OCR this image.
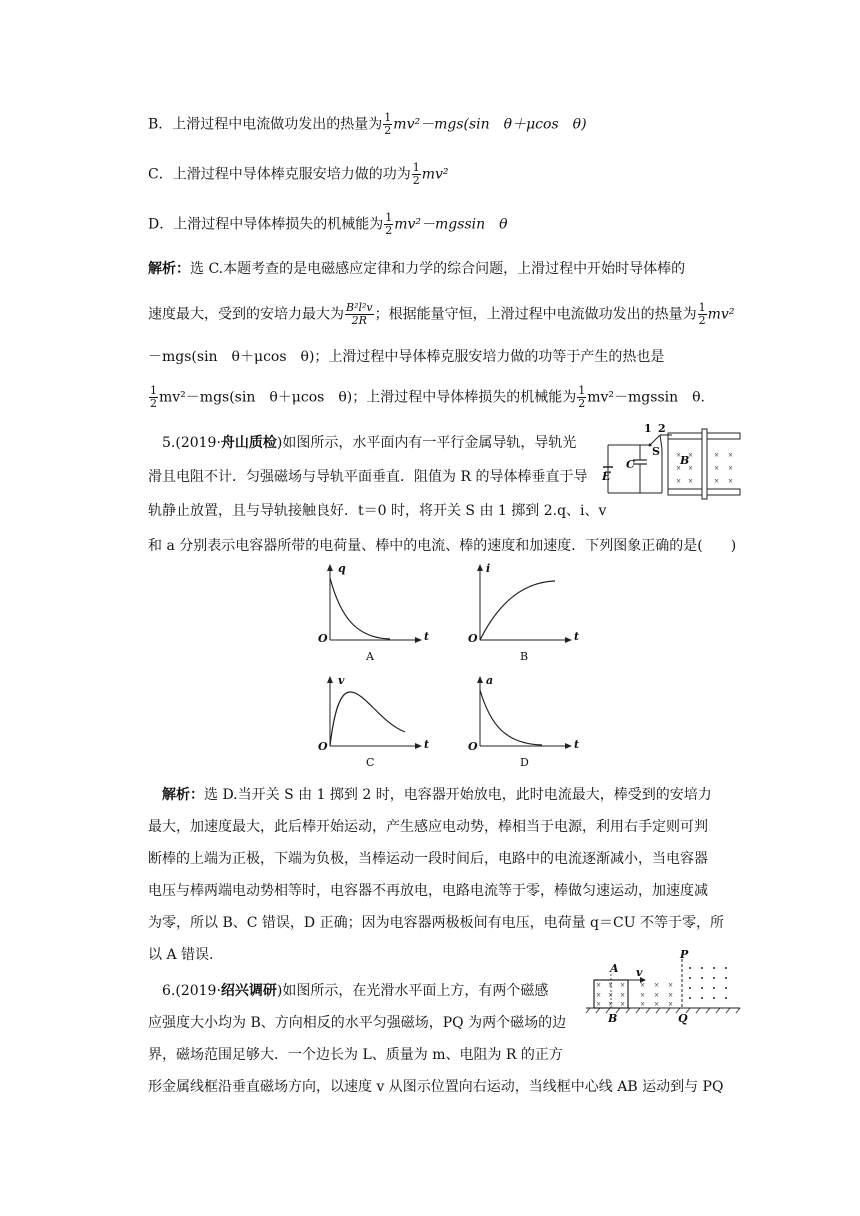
B．上滑过程中电流做功发出的热量为 $\frac{1}{2} mv^2-mgs(\sin$　θ＋μcos　θ)
C．上滑过程中导体棒克服安培力做的功为 $\frac{1}{2} mv^2$
D．上滑过程中导体棒损失的机械能为 $\frac{1}{2} mv^2-mgssin$　θ
解析：选 C.本题考查的是电磁感应定律和力学的综合问题，上滑过程中开始时导体棒的
速度最大，受到的安培力最大为 $\frac{\text{B²l²v}}{2R}$ ；根据能量守恒，上滑过程中电流做功发出的热量为 $\frac{1}{2} mv^2$
－mgs(sin　θ＋μcos　θ)；上滑过程中导体棒克服安培力做的功等于产生的热也是
$\frac{1}{2} mv^2-mgs(\sin$　θ＋μcos　θ)；上滑过程中导体棒损失的机械能为 $\frac{1}{2} mv^2-mgssin$　θ.
5.(2019·舟山质检)如图所示，水平面内有一平行金属导轨，导轨光
滑且电阻不计．匀强磁场与导轨平面垂直．阻值为 R 的导体棒垂直于导
轨静止放置，且与导轨接触良好．t＝0 时，将开关 S 由 1 掷到 2.q、i、v
和 a 分别表示电容器所带的电荷量、棒中的电流、棒的速度和加速度．下列图象正确的是(　　)
× × × ×
× × × ×
× × × ×
1 2
S
C
E
B
q
t
O
A
i
t
O
B
v
t
O
C
a
t
O
D
解析：选 D.当开关 S 由 1 掷到 2 时，电容器开始放电，此时电流最大，棒受到的安培力
最大，加速度最大，此后棒开始运动，产生感应电动势，棒相当于电源，利用右手定则可判
断棒的上端为正极，下端为负极，当棒运动一段时间后，电路中的电流逐渐减小，当电容器
电压与棒两端电动势相等时，电容器不再放电，电路电流等于零，棒做匀速运动，加速度减
为零，所以 B、C 错误，D 正确；因为电容器两极板间有电压，电荷量 q＝CU 不等于零，所
以 A 错误.
6.(2019·绍兴调研)如图所示，在光滑水平面上方，有两个磁感
应强度大小均为 B、方向相反的水平匀强磁场，PQ 为两个磁场的边
界，磁场范围足够大．一个边长为 L、质量为 m、电阻为 R 的正方
形金属线框沿垂直磁场方向，以速度 v 从图示位置向右运动，当线框中心线 AB 运动到与 PQ
× × × × × ×
× × × × × ×
× × × × × ×
A v
P
B	Q
